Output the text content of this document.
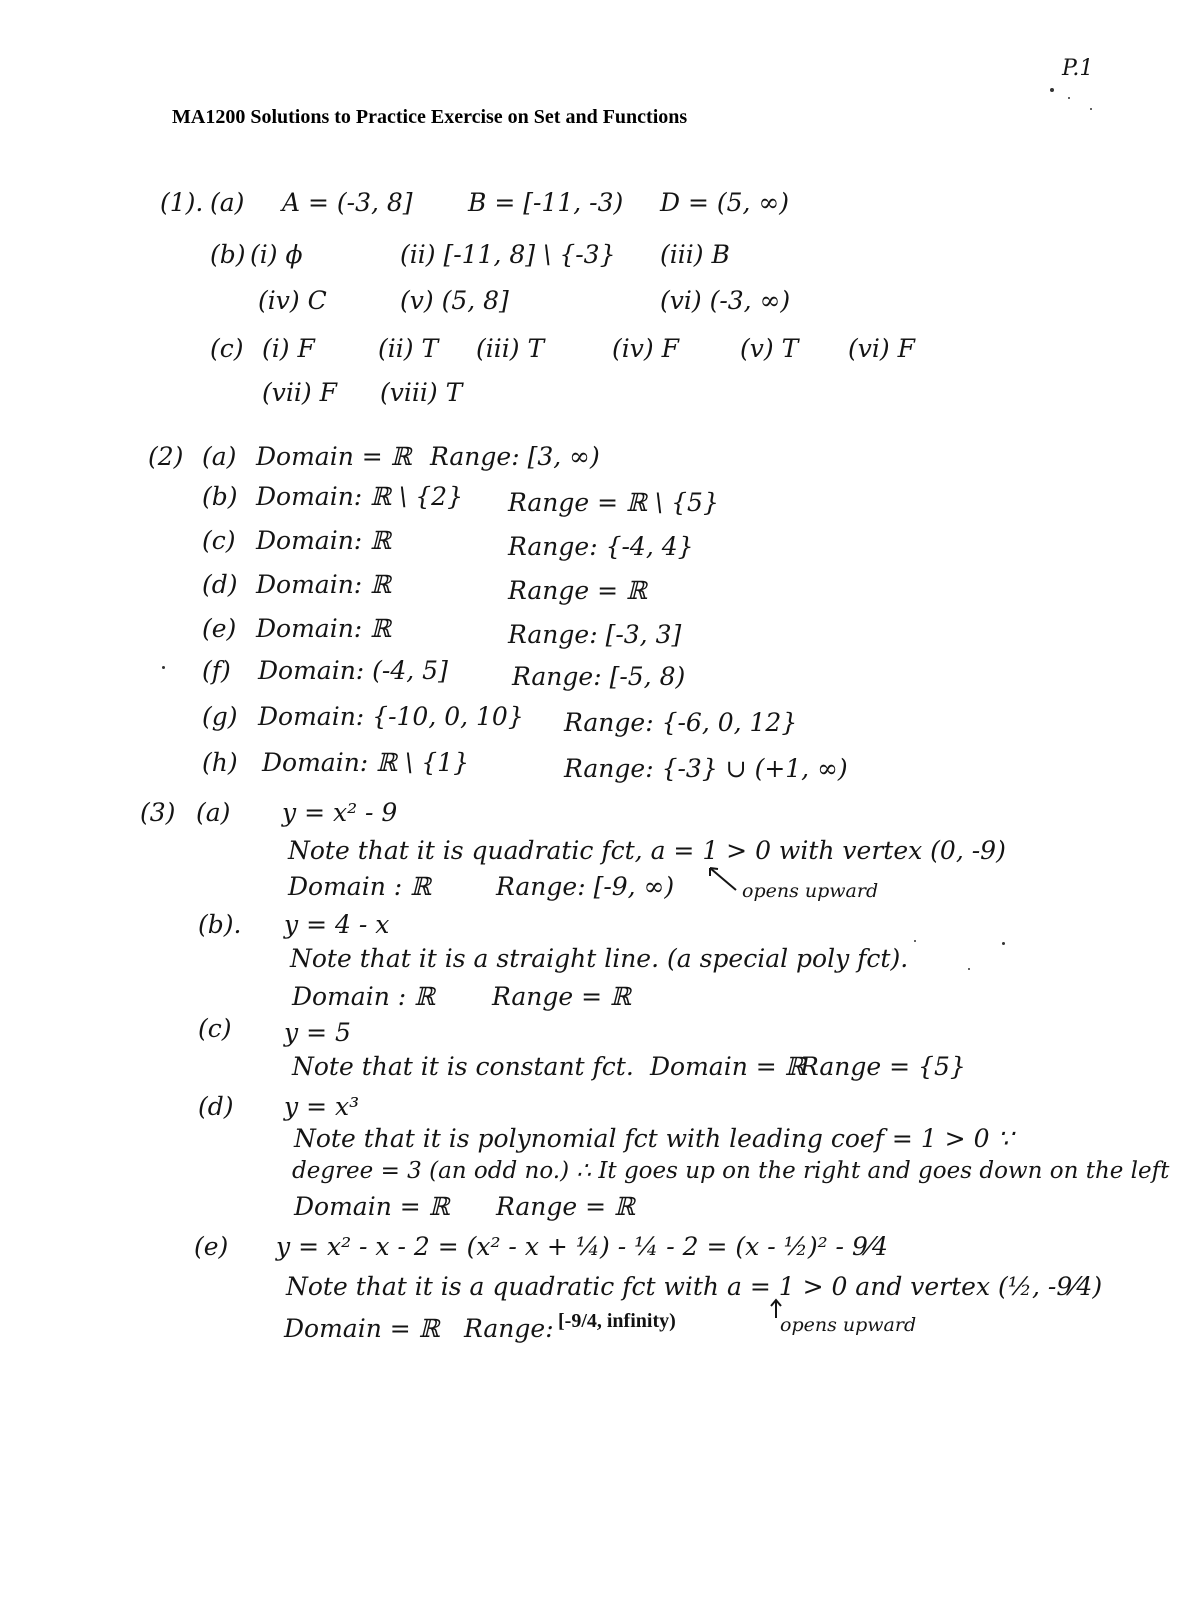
P.1
MA1200 Solutions to Practice Exercise on Set and Functions
(1). (a) A = (-3, 8] B = [-11, -3) D = (5, ∞)
(b) (i) ϕ	(ii) [-11, 8] \ {-3} (iii) B
(iv) C	(v) (5, 8]	(vi) (-3, ∞)
(c) (i) F	(ii) T (iii) T	(iv) F (v) T (vi) F
(vii) F (viii) T
(2) (a) Domain = ℝ Range: [3, ∞)
(b) Domain: ℝ \ {2} Range = ℝ \ {5}
(c) Domain: ℝ	Range: {-4, 4}
(d) Domain: ℝ	Range = ℝ
(e) Domain: ℝ	Range: [-3, 3]
(f) Domain: (-4, 5]	Range: [-5, 8)
(g) Domain: {-10, 0, 10} Range: {-6, 0, 12}
(h) Domain: ℝ \ {1}	Range: {-3} ∪ (+1, ∞)
(3) (a) y = x² - 9
Note that it is quadratic fct, a = 1 > 0 with vertex (0, -9)
Domain : ℝ	Range: [-9, ∞)	opens upward
(b). y = 4 - x
Note that it is a straight line. (a special poly fct).
Domain : ℝ Range = ℝ
(c) y = 5
Note that it is constant fct. Domain = ℝ
Range = {5}
(d) y = x³
Note that it is polynomial fct with leading coef = 1 > 0 ∵
degree = 3 (an odd no.) ∴ It goes up on the right and goes down on the left
Domain = ℝ Range = ℝ
(e) y = x² - x - 2 = (x² - x + ¼) - ¼ - 2 = (x - ½)² - 9⁄4
Note that it is a quadratic fct with a = 1 > 0 and vertex (½, -9⁄4)
Domain = ℝ Range: [-9/4, infinity)	opens upward
